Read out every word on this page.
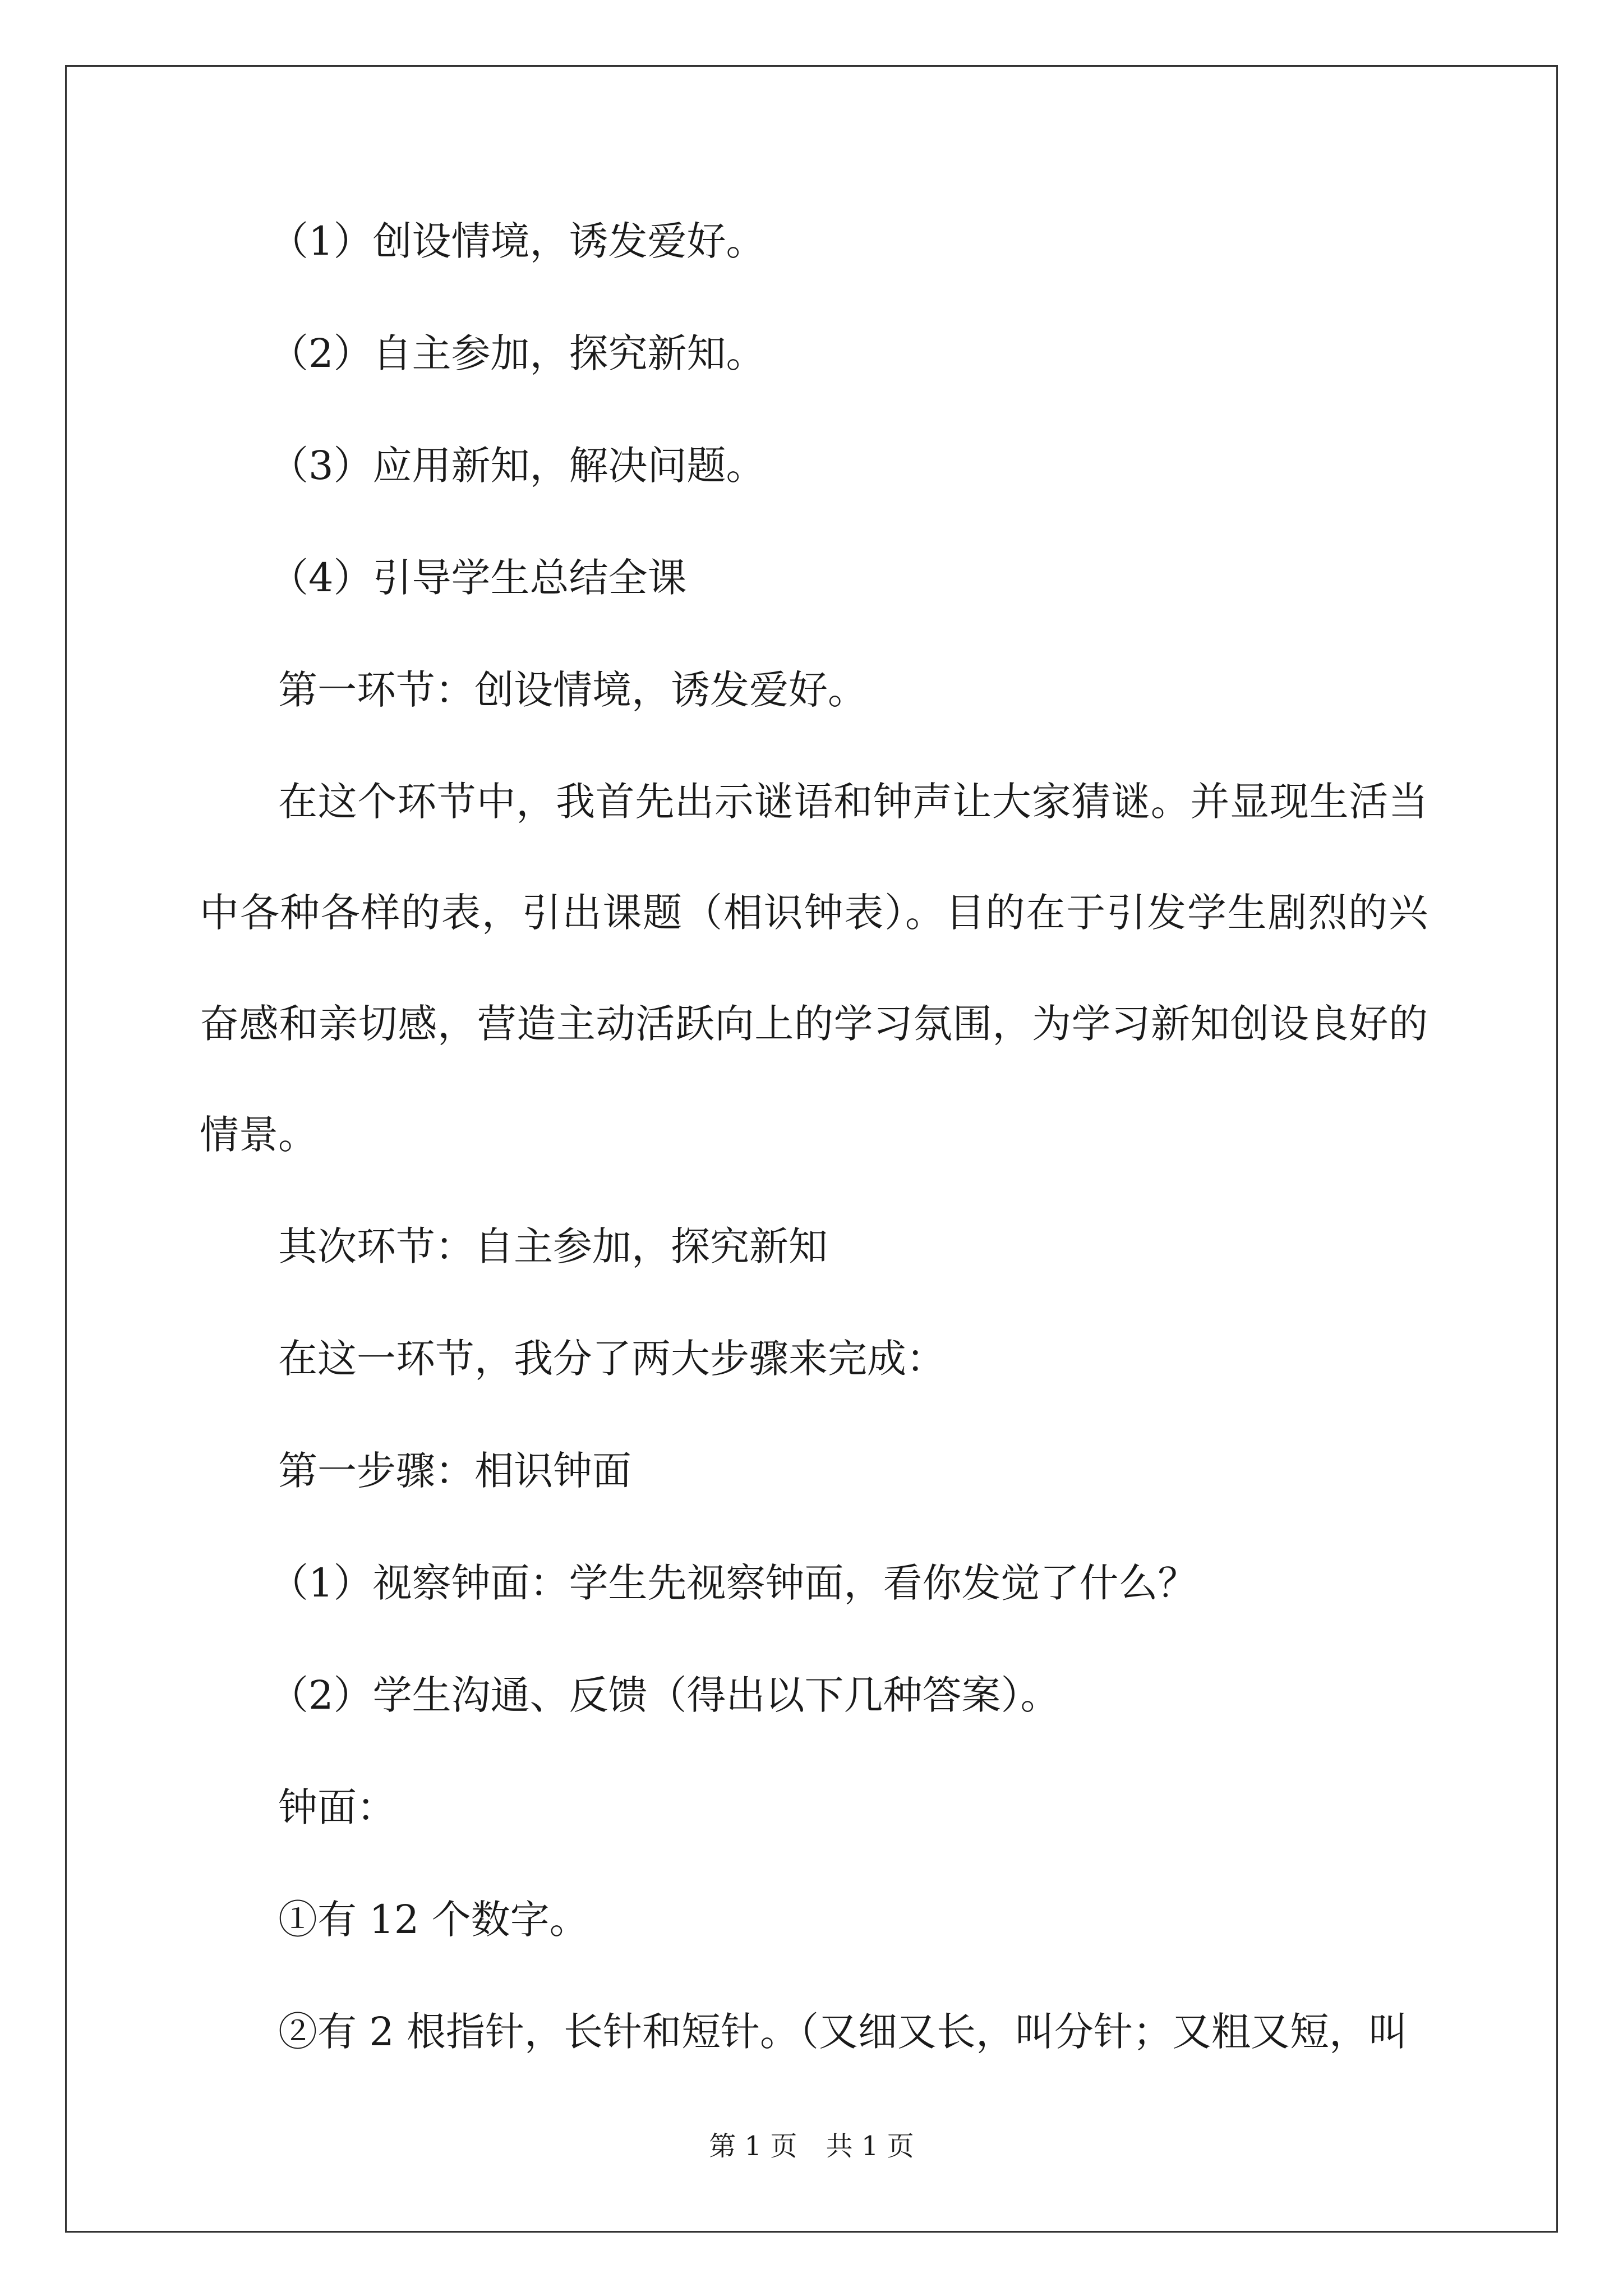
（1）创设情境，诱发爱好。

（2）自主参加，探究新知。

（3）应用新知，解决问题。

（4）引导学生总结全课

第一环节：创设情境，诱发爱好。

在这个环节中，我首先出示谜语和钟声让大家猜谜。并显现生活当中各种各样的表，引出课题（相识钟表）。目的在于引发学生剧烈的兴奋感和亲切感，营造主动活跃向上的学习氛围，为学习新知创设良好的情景。

其次环节：自主参加，探究新知

在这一环节，我分了两大步骤来完成：

第一步骤：相识钟面

（1）视察钟面：学生先视察钟面，看你发觉了什么？

（2）学生沟通、反馈（得出以下几种答案）。

钟面：

①有 12 个数字。

②有 2 根指针，长针和短针。（又细又长，叫分针；又粗又短，叫

第 1 页 共 1 页
